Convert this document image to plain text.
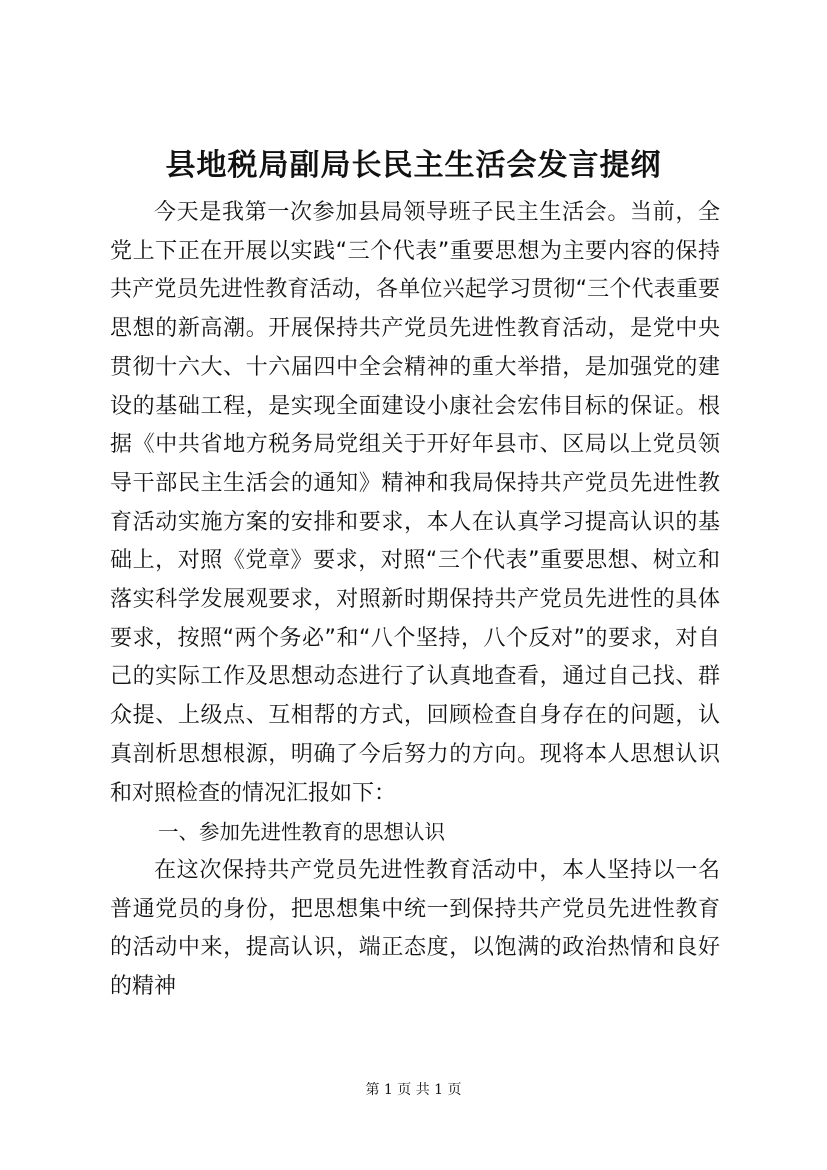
县地税局副局长民主生活会发言提纲

今天是我第一次参加县局领导班子民主生活会。当前，全党上下正在开展以实践“三个代表”重要思想为主要内容的保持共产党员先进性教育活动，各单位兴起学习贯彻“三个代表重要思想的新高潮。开展保持共产党员先进性教育活动，是党中央贯彻十六大、十六届四中全会精神的重大举措，是加强党的建设的基础工程，是实现全面建设小康社会宏伟目标的保证。根据《中共省地方税务局党组关于开好年县市、区局以上党员领导干部民主生活会的通知》精神和我局保持共产党员先进性教育活动实施方案的安排和要求，本人在认真学习提高认识的基础上，对照《党章》要求，对照“三个代表”重要思想、树立和落实科学发展观要求，对照新时期保持共产党员先进性的具体要求，按照“两个务必”和“八个坚持，八个反对”的要求，对自己的实际工作及思想动态进行了认真地查看，通过自己找、群众提、上级点、互相帮的方式，回顾检查自身存在的问题，认真剖析思想根源，明确了今后努力的方向。现将本人思想认识和对照检查的情况汇报如下：

一、参加先进性教育的思想认识

在这次保持共产党员先进性教育活动中，本人坚持以一名普通党员的身份，把思想集中统一到保持共产党员先进性教育的活动中来，提高认识，端正态度，以饱满的政治热情和良好的精神

第 1 页 共 1 页
